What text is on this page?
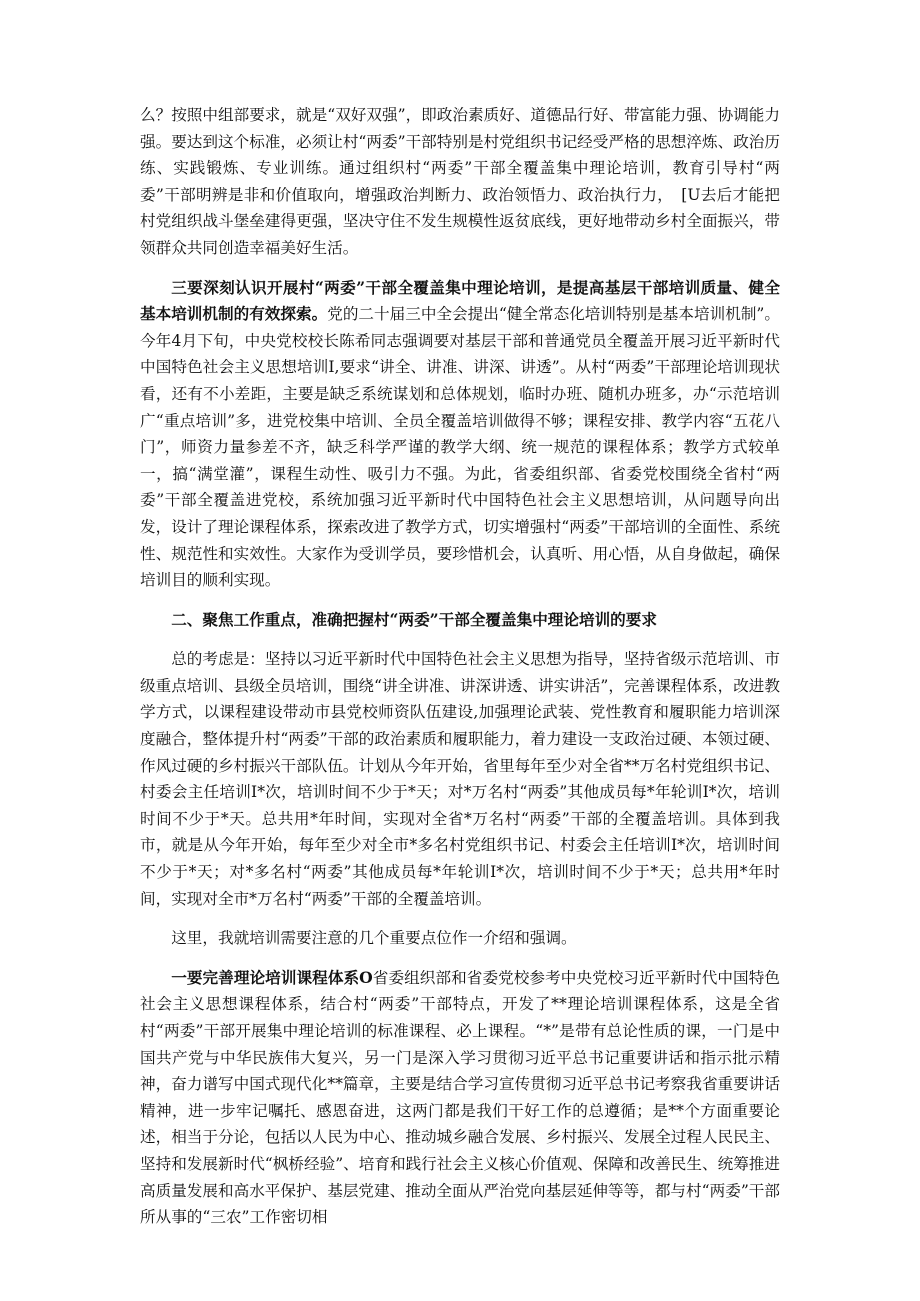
么？按照中组部要求，就是“双好双强”，即政治素质好、道德品行好、带富能力强、协调能力强。要达到这个标准，必须让村“两委”干部特别是村党组织书记经受严格的思想淬炼、政治历练、实践锻炼、专业训练。通过组织村“两委”干部全覆盖集中理论培训，教育引导村“两委”干部明辨是非和价值取向，增强政治判断力、政治领悟力、政治执行力，　[U去后才能把村党组织战斗堡垒建得更强，坚决守住不发生规模性返贫底线，更好地带动乡村全面振兴，带领群众共同创造幸福美好生活。

三要深刻认识开展村“两委”干部全覆盖集中理论培训，是提高基层干部培训质量、健全基本培训机制的有效探索。党的二十届三中全会提出“健全常态化培训特别是基本培训机制”。今年4月下旬，中央党校校长陈希同志强调要对基层干部和普通党员全覆盖开展习近平新时代中国特色社会主义思想培训I,要求“讲全、讲准、讲深、讲透”。从村“两委”干部理论培训现状看，还有不小差距，主要是缺乏系统谋划和总体规划，临时办班、随机办班多，办“示范培训广“重点培训”多，进党校集中培训、全员全覆盖培训做得不够；课程安排、教学内容“五花八门”，师资力量参差不齐，缺乏科学严谨的教学大纲、统一规范的课程体系；教学方式较单一，搞“满堂灌”，课程生动性、吸引力不强。为此，省委组织部、省委党校围绕全省村“两委”干部全覆盖进党校，系统加强习近平新时代中国特色社会主义思想培训，从问题导向出发，设计了理论课程体系，探索改进了教学方式，切实增强村“两委”干部培训的全面性、系统性、规范性和实效性。大家作为受训学员，要珍惜机会，认真听、用心悟，从自身做起，确保培训目的顺利实现。

二、聚焦工作重点，准确把握村“两委”干部全覆盖集中理论培训的要求

总的考虑是：坚持以习近平新时代中国特色社会主义思想为指导，坚持省级示范培训、市级重点培训、县级全员培训，围绕“讲全讲准、讲深讲透、讲实讲活”，完善课程体系，改进教学方式，以课程建设带动市县党校师资队伍建设,加强理论武装、党性教育和履职能力培训深度融合，整体提升村“两委”干部的政治素质和履职能力，着力建设一支政治过硬、本领过硬、作风过硬的乡村振兴干部队伍。计划从今年开始，省里每年至少对全省**万名村党组织书记、村委会主任培训I*次，培训时间不少于*天；对*万名村“两委”其他成员每*年轮训I*次，培训时间不少于*天。总共用*年时间，实现对全省*万名村“两委”干部的全覆盖培训。具体到我市，就是从今年开始，每年至少对全市*多名村党组织书记、村委会主任培训I*次，培训时间不少于*天；对*多名村“两委”其他成员每*年轮训I*次，培训时间不少于*天；总共用*年时间，实现对全市*万名村“两委”干部的全覆盖培训。

这里，我就培训需要注意的几个重要点位作一介绍和强调。

一要完善理论培训课程体系O省委组织部和省委党校参考中央党校习近平新时代中国特色社会主义思想课程体系，结合村“两委”干部特点，开发了**理论培训课程体系，这是全省村“两委”干部开展集中理论培训的标准课程、必上课程。“*”是带有总论性质的课，一门是中国共产党与中华民族伟大复兴，另一门是深入学习贯彻习近平总书记重要讲话和指示批示精神，奋力谱写中国式现代化**篇章，主要是结合学习宣传贯彻习近平总书记考察我省重要讲话精神，进一步牢记嘱托、感恩奋进，这两门都是我们干好工作的总遵循；是**个方面重要论述，相当于分论，包括以人民为中心、推动城乡融合发展、乡村振兴、发展全过程人民民主、坚持和发展新时代“枫桥经验”、培育和践行社会主义核心价值观、保障和改善民生、统筹推进高质量发展和高水平保护、基层党建、推动全面从严治党向基层延伸等等，都与村“两委”干部所从事的“三农”工作密切相
